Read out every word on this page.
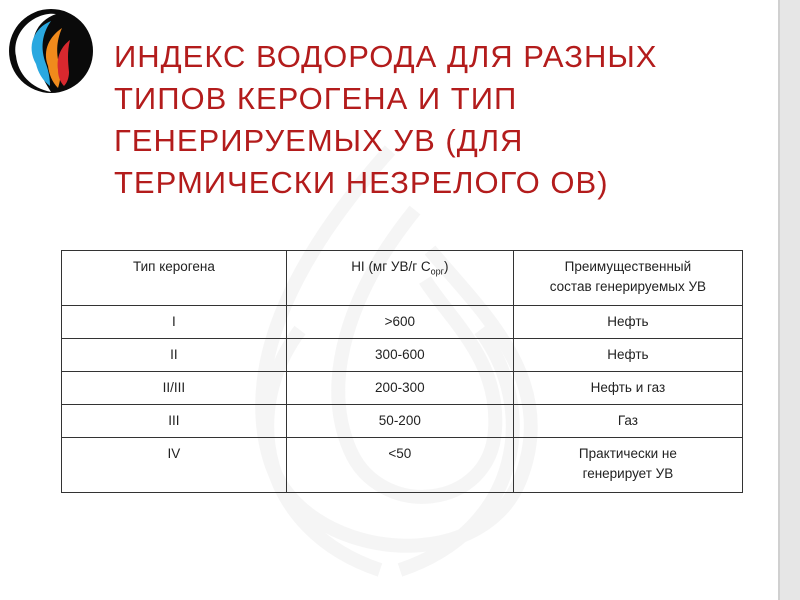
ИНДЕКС ВОДОРОДА ДЛЯ РАЗНЫХ
ТИПОВ КЕРОГЕНА И ТИП
ГЕНЕРИРУЕМЫХ УВ (ДЛЯ
ТЕРМИЧЕСКИ НЕЗРЕЛОГО ОВ)
Тип керогена	HI (мг УВ/г $С_{орг}$)	Преимущественный
состав генерируемых УВ
I	>600	Нефть
II	300-600	Нефть
II/III	200-300	Нефть и газ
III	50-200	Газ
IV	<50	Практически не
генерирует УВ
